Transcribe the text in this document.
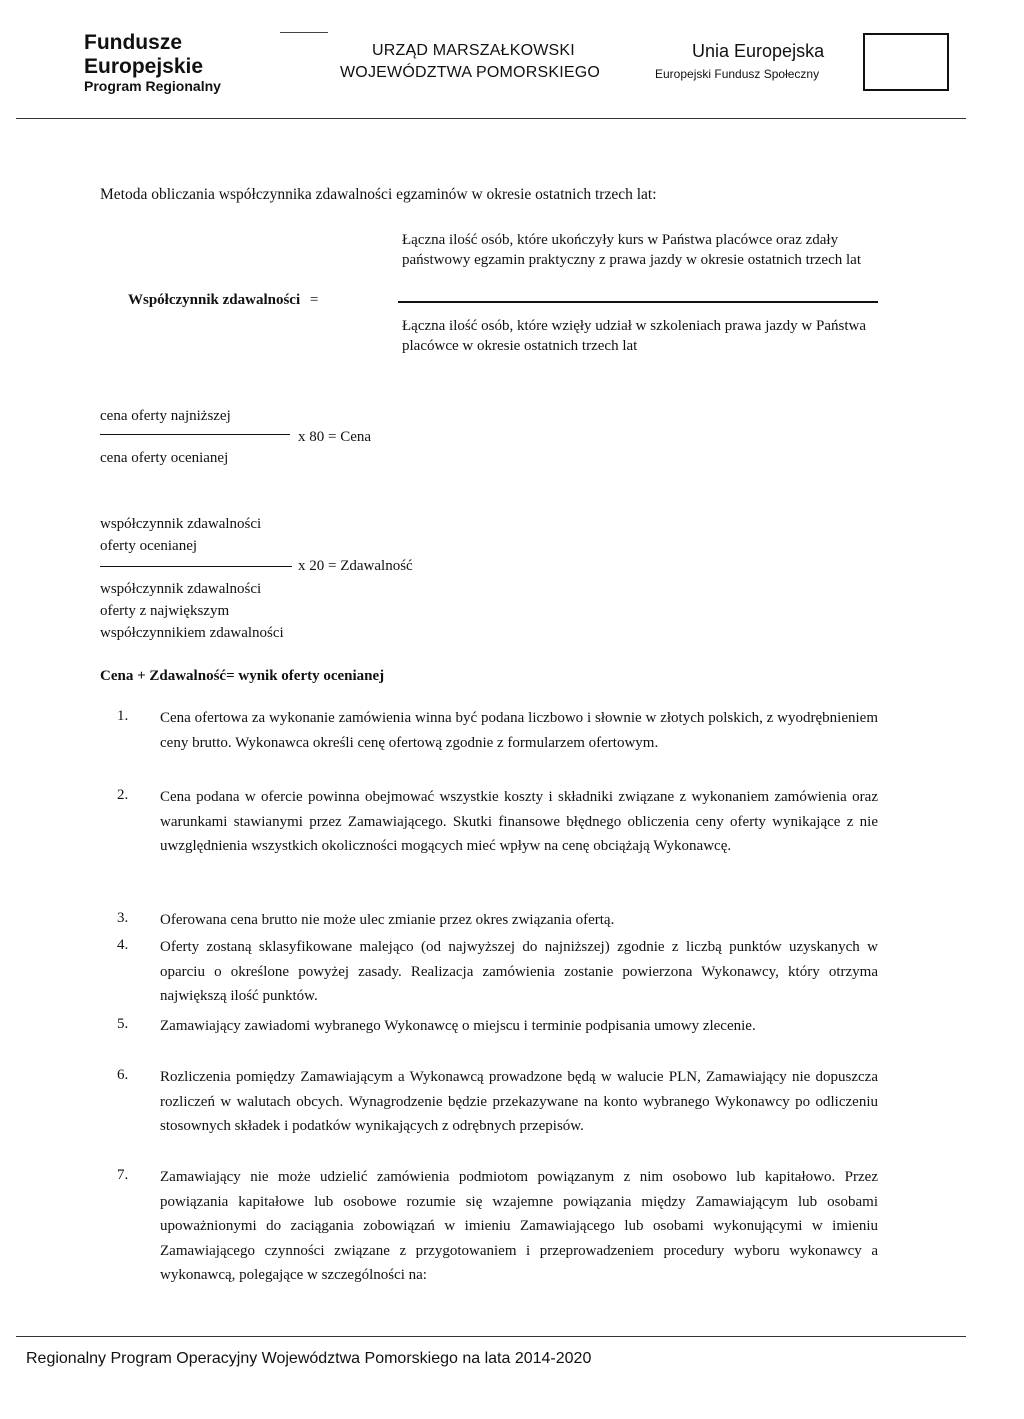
Fundusze
Europejskie
Program Regionalny
URZĄD MARSZAŁKOWSKI
WOJEWÓDZTWA POMORSKIEGO
Unia Europejska
Europejski Fundusz Społeczny
Metoda obliczania współczynnika zdawalności egzaminów w okresie ostatnich trzech lat:
Współczynnik zdawalności =
Łączna ilość osób, które ukończyły kurs w Państwa placówce oraz zdały państwowy egzamin praktyczny z prawa jazdy w okresie ostatnich trzech lat
Łączna ilość osób, które wzięły udział w szkoleniach prawa jazdy w Państwa placówce w okresie ostatnich trzech lat
cena oferty najniższej
x 80 = Cena
cena oferty ocenianej
współczynnik zdawalności
oferty ocenianej
x 20 = Zdawalność
współczynnik zdawalności
oferty z największym
współczynnikiem zdawalności
Cena + Zdawalność= wynik oferty ocenianej
1. Cena ofertowa za wykonanie zamówienia winna być podana liczbowo i słownie w złotych polskich, z wyodrębnieniem ceny brutto. Wykonawca określi cenę ofertową zgodnie z formularzem ofertowym.
2. Cena podana w ofercie powinna obejmować wszystkie koszty i składniki związane z wykonaniem zamówienia oraz warunkami stawianymi przez Zamawiającego. Skutki finansowe błędnego obliczenia ceny oferty wynikające z nie uwzględnienia wszystkich okoliczności mogących mieć wpływ na cenę obciążają Wykonawcę.
3. Oferowana cena brutto nie może ulec zmianie przez okres związania ofertą.
4. Oferty zostaną sklasyfikowane malejąco (od najwyższej do najniższej) zgodnie z liczbą punktów uzyskanych w oparciu o określone powyżej zasady. Realizacja zamówienia zostanie powierzona Wykonawcy, który otrzyma największą ilość punktów.
5. Zamawiający zawiadomi wybranego Wykonawcę o miejscu i terminie podpisania umowy zlecenie.
6. Rozliczenia pomiędzy Zamawiającym a Wykonawcą prowadzone będą w walucie PLN, Zamawiający nie dopuszcza rozliczeń w walutach obcych. Wynagrodzenie będzie przekazywane na konto wybranego Wykonawcy po odliczeniu stosownych składek i podatków wynikających z odrębnych przepisów.
7. Zamawiający nie może udzielić zamówienia podmiotom powiązanym z nim osobowo lub kapitałowo. Przez powiązania kapitałowe lub osobowe rozumie się wzajemne powiązania między Zamawiającym lub osobami upoważnionymi do zaciągania zobowiązań w imieniu Zamawiającego lub osobami wykonującymi w imieniu Zamawiającego czynności związane z przygotowaniem i przeprowadzeniem procedury wyboru wykonawcy a wykonawcą, polegające w szczególności na:
Regionalny Program Operacyjny Województwa Pomorskiego na lata 2014-2020
